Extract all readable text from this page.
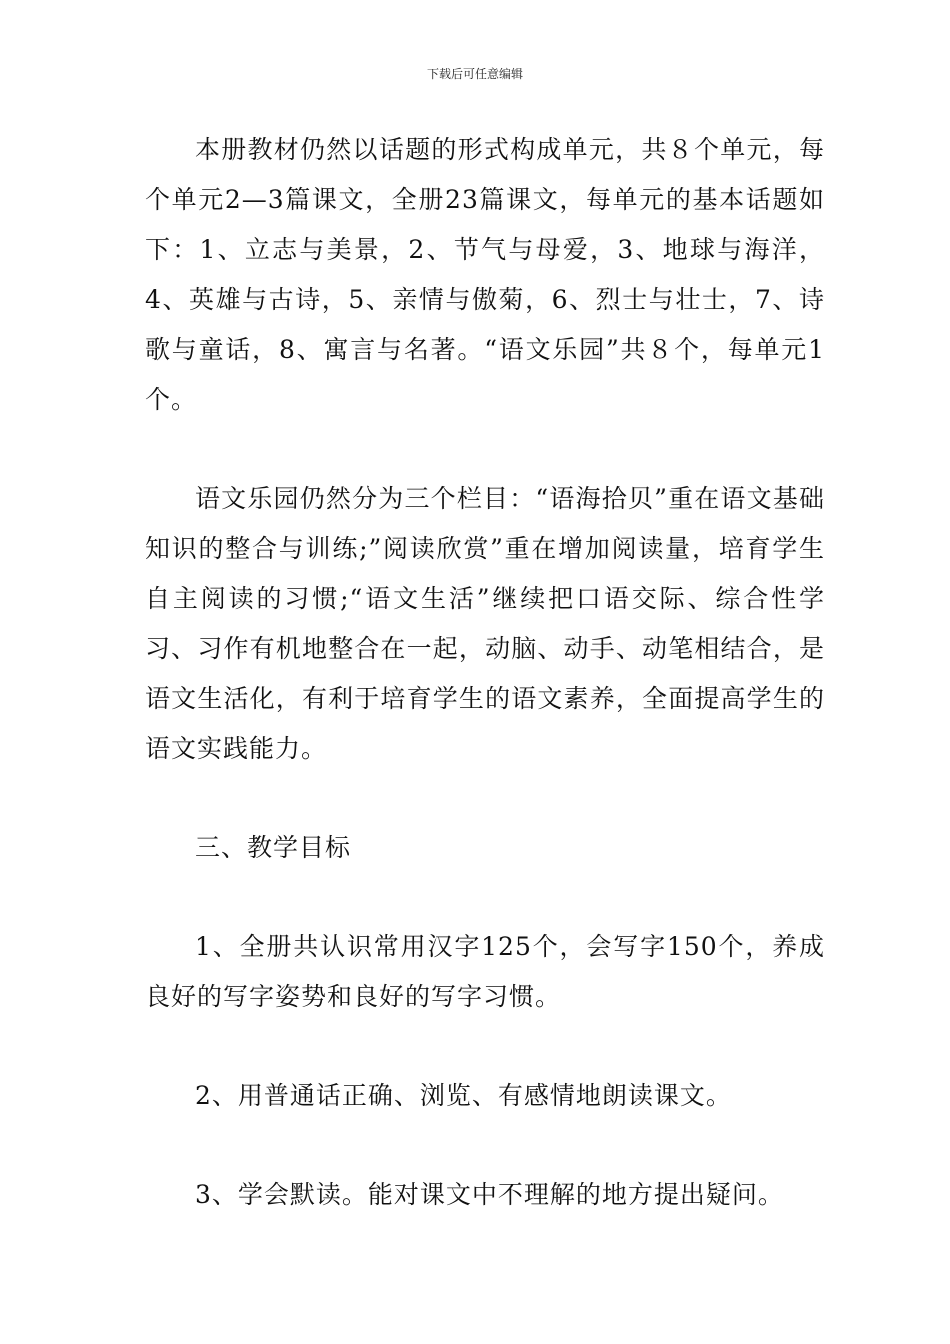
下载后可任意编辑

本册教材仍然以话题的形式构成单元，共８个单元，每个单元2—3篇课文，全册23篇课文，每单元的基本话题如下：1、立志与美景，2、节气与母爱，3、地球与海洋，4、英雄与古诗，5、亲情与傲菊，6、烈士与壮士，7、诗歌与童话，8、寓言与名著。“语文乐园”共８个，每单元1个。

语文乐园仍然分为三个栏目：“语海拾贝”重在语文基础知识的整合与训练;”阅读欣赏”重在增加阅读量，培育学生自主阅读的习惯;“语文生活”继续把口语交际、综合性学习、习作有机地整合在一起，动脑、动手、动笔相结合，是语文生活化，有利于培育学生的语文素养，全面提高学生的语文实践能力。

三、教学目标

1、全册共认识常用汉字125个，会写字150个，养成良好的写字姿势和良好的写字习惯。

2、用普通话正确、浏览、有感情地朗读课文。

3、学会默读。能对课文中不理解的地方提出疑问。
